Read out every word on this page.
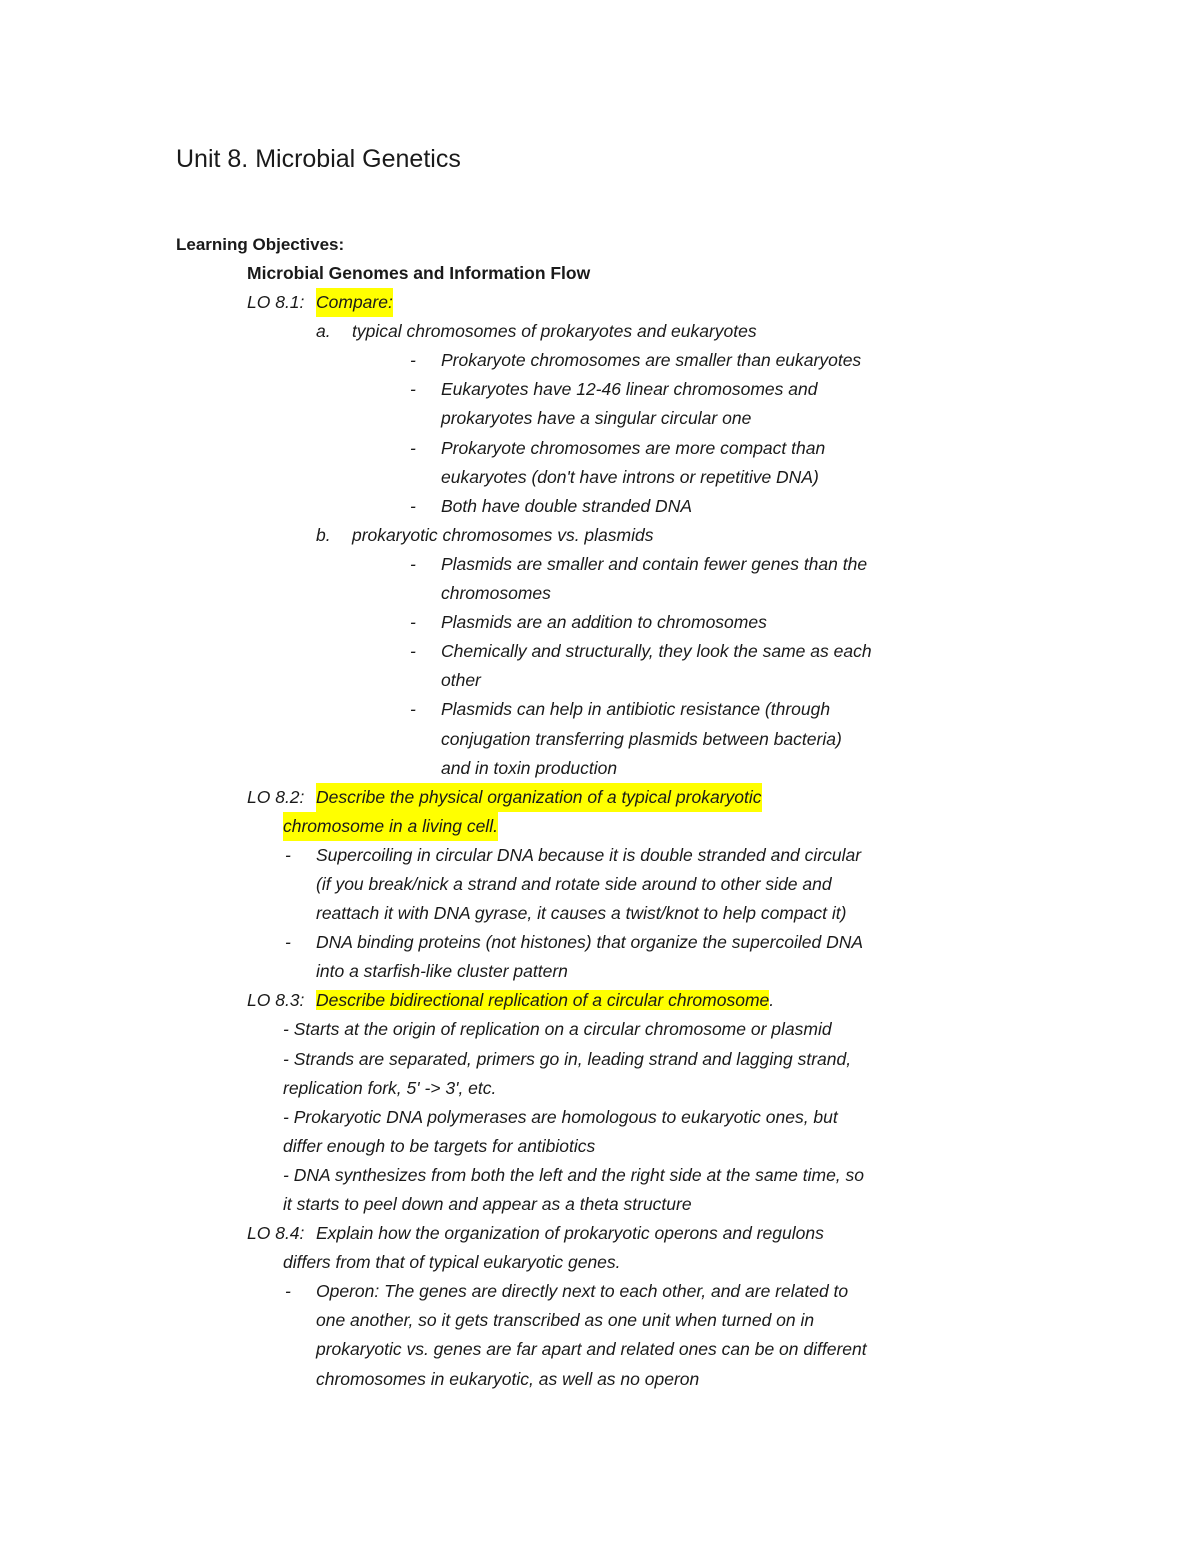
Unit 8. Microbial Genetics
Learning Objectives:
Microbial Genomes and Information Flow
LO 8.1: Compare:
a. typical chromosomes of prokaryotes and eukaryotes
- Prokaryote chromosomes are smaller than eukaryotes
- Eukaryotes have 12-46 linear chromosomes and
prokaryotes have a singular circular one
- Prokaryote chromosomes are more compact than
eukaryotes (don't have introns or repetitive DNA)
- Both have double stranded DNA
b. prokaryotic chromosomes vs. plasmids
- Plasmids are smaller and contain fewer genes than the
chromosomes
- Plasmids are an addition to chromosomes
- Chemically and structurally, they look the same as each
other
- Plasmids can help in antibiotic resistance (through
conjugation transferring plasmids between bacteria)
and in toxin production
LO 8.2: Describe the physical organization of a typical prokaryotic
chromosome in a living cell.
- Supercoiling in circular DNA because it is double stranded and circular
(if you break/nick a strand and rotate side around to other side and
reattach it with DNA gyrase, it causes a twist/knot to help compact it)
- DNA binding proteins (not histones) that organize the supercoiled DNA
into a starfish-like cluster pattern
LO 8.3: Describe bidirectional replication of a circular chromosome.
- Starts at the origin of replication on a circular chromosome or plasmid
- Strands are separated, primers go in, leading strand and lagging strand,
replication fork, 5' -> 3', etc.
- Prokaryotic DNA polymerases are homologous to eukaryotic ones, but
differ enough to be targets for antibiotics
- DNA synthesizes from both the left and the right side at the same time, so
it starts to peel down and appear as a theta structure
LO 8.4: Explain how the organization of prokaryotic operons and regulons
differs from that of typical eukaryotic genes.
- Operon: The genes are directly next to each other, and are related to
one another, so it gets transcribed as one unit when turned on in
prokaryotic vs. genes are far apart and related ones can be on different
chromosomes in eukaryotic, as well as no operon
